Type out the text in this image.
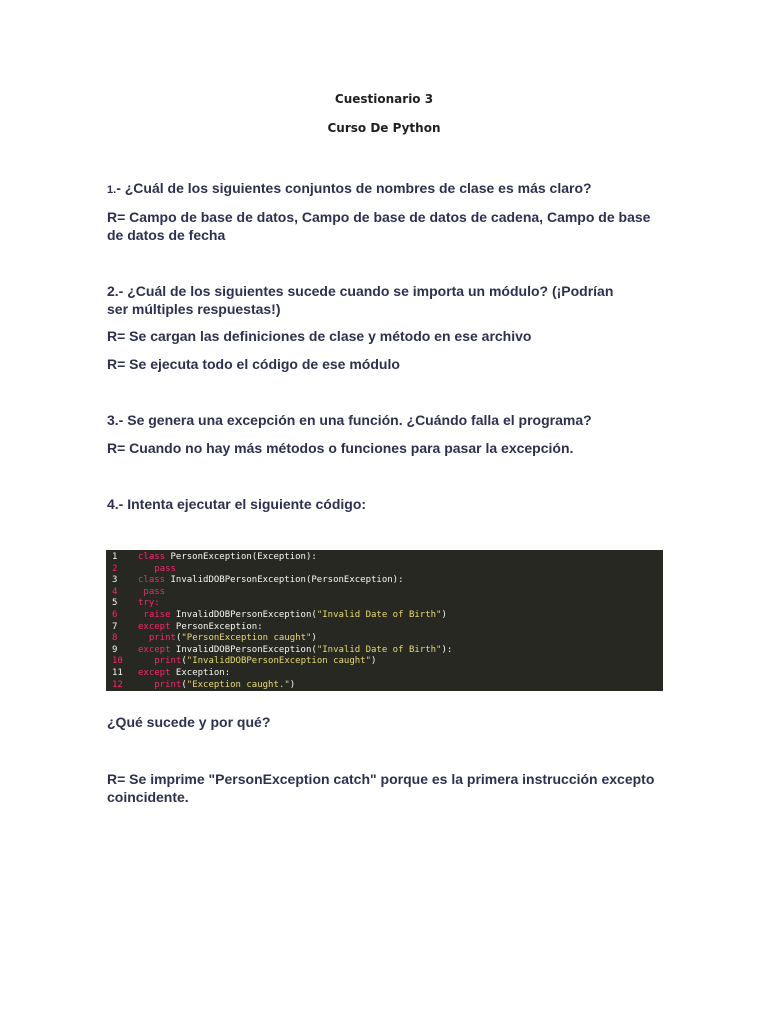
Cuestionario 3
Curso De Python

1.- ¿Cuál de los siguientes conjuntos de nombres de clase es más claro?

R= Campo de base de datos, Campo de base de datos de cadena, Campo de base de datos de fecha

2.- ¿Cuál de los siguientes sucede cuando se importa un módulo? (¡Podrían ser múltiples respuestas!)

R= Se cargan las definiciones de clase y método en ese archivo

R= Se ejecuta todo el código de ese módulo

3.- Se genera una excepción en una función. ¿Cuándo falla el programa?

R= Cuando no hay más métodos o funciones para pasar la excepción.

4.- Intenta ejecutar el siguiente código:

1	class PersonException(Exception):
2	pass
3	class InvalidDOBPersonException(PersonException):
4	pass
5	try:
6	raise InvalidDOBPersonException("Invalid Date of Birth")
7	except PersonException:
8	print("PersonException caught")
9	except InvalidDOBPersonException("Invalid Date of Birth"):
10	print("InvalidDOBPersonException caught")
11	except Exception:
12	print("Exception caught.")

¿Qué sucede y por qué?

R= Se imprime "PersonException catch" porque es la primera instrucción excepto coincidente.
